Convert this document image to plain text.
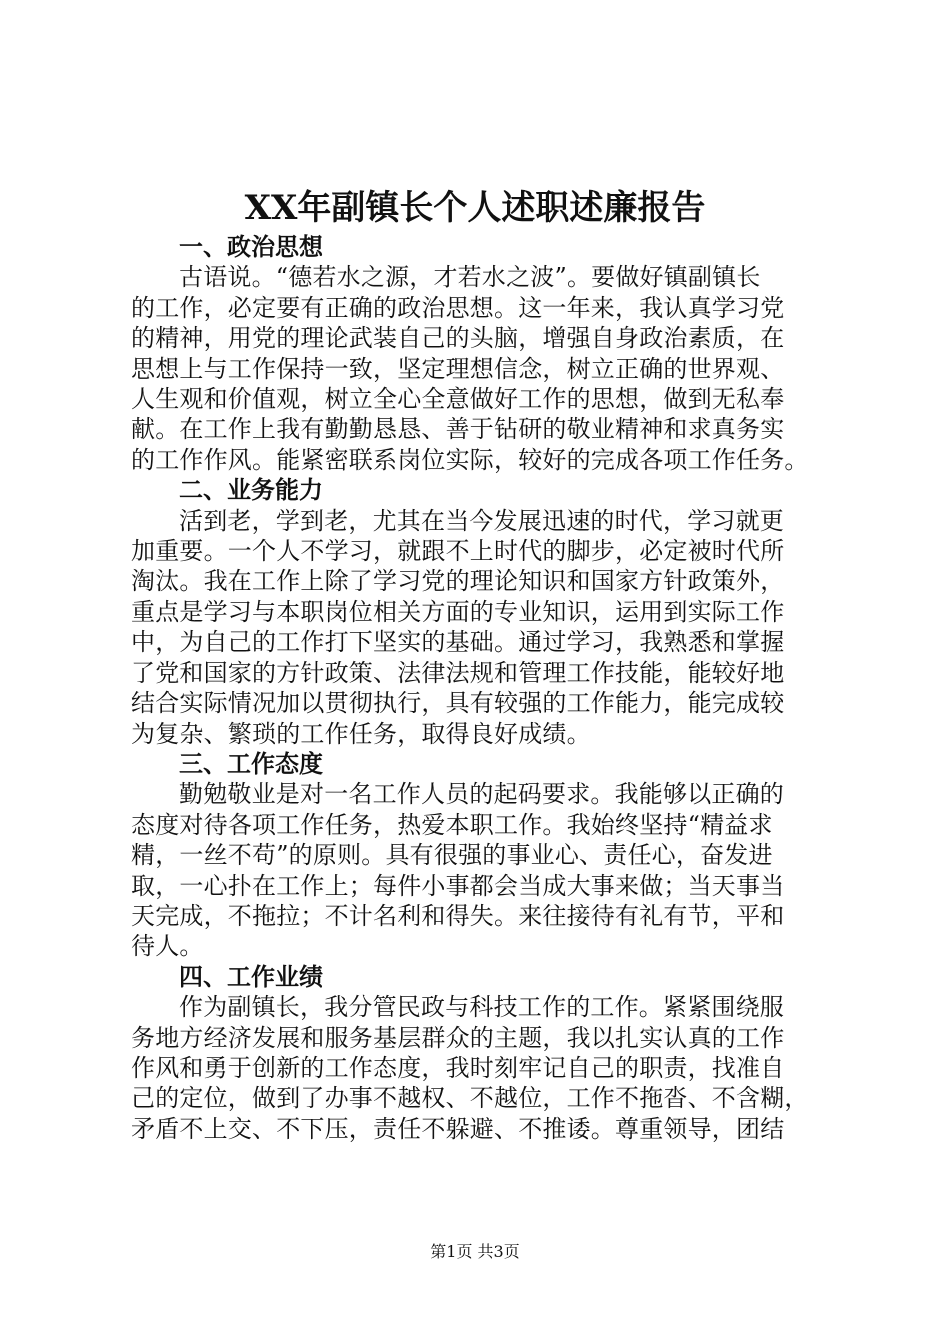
XX年副镇长个人述职述廉报告
一、政治思想
古语说。“德若水之源，才若水之波”。要做好镇副镇长
的工作，必定要有正确的政治思想。这一年来，我认真学习党
的精神，用党的理论武装自己的头脑，增强自身政治素质，在
思想上与工作保持一致，坚定理想信念，树立正确的世界观、
人生观和价值观，树立全心全意做好工作的思想，做到无私奉
献。在工作上我有勤勤恳恳、善于钻研的敬业精神和求真务实
的工作作风。能紧密联系岗位实际，较好的完成各项工作任务。
二、业务能力
活到老，学到老，尤其在当今发展迅速的时代，学习就更
加重要。一个人不学习，就跟不上时代的脚步，必定被时代所
淘汰。我在工作上除了学习党的理论知识和国家方针政策外，
重点是学习与本职岗位相关方面的专业知识，运用到实际工作
中，为自己的工作打下坚实的基础。通过学习，我熟悉和掌握
了党和国家的方针政策、法律法规和管理工作技能，能较好地
结合实际情况加以贯彻执行，具有较强的工作能力，能完成较
为复杂、繁琐的工作任务，取得良好成绩。
三、工作态度
勤勉敬业是对一名工作人员的起码要求。我能够以正确的
态度对待各项工作任务，热爱本职工作。我始终坚持“精益求
精，一丝不苟”的原则。具有很强的事业心、责任心，奋发进
取，一心扑在工作上；每件小事都会当成大事来做；当天事当
天完成，不拖拉；不计名利和得失。来往接待有礼有节，平和
待人。
四、工作业绩
作为副镇长，我分管民政与科技工作的工作。紧紧围绕服
务地方经济发展和服务基层群众的主题，我以扎实认真的工作
作风和勇于创新的工作态度，我时刻牢记自己的职责，找准自
己的定位，做到了办事不越权、不越位，工作不拖沓、不含糊，
矛盾不上交、不下压，责任不躲避、不推诿。尊重领导，团结
第1页 共3页
